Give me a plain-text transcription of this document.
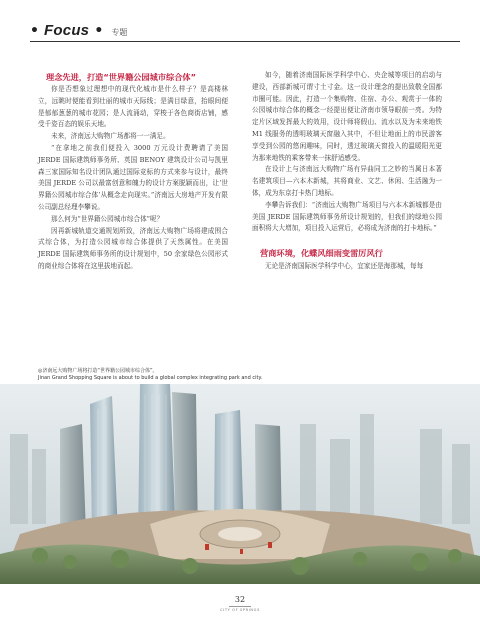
• Focus • 专题
理念先进，打造“世界籍公园城市综合体”

你是否想象过理想中的现代化城市是什么样子？是高楼林立，远眺时便能看到壮丽的城市天际线；是满目绿意，抬眼间便是郁郁葱葱的城市花园；是人流涌动，穿梭于各色商街店铺，感受千姿百态的娱乐天地。

未来，济南远大购物广场都将一一满足。

“在拿地之前我们便投入 3000 万元设计费聘请了美国 JERDE 国际建筑师事务所、英国 BENOY 建筑设计公司与凯里森三家国际知名设计团队通过国际竞标的方式来参与设计，最终美国 JERDE 公司以最富创意和魄力的设计方案脱颖而出，让‘世界籍公园城市综合体’从概念走向现实。”济南远大房地产开发有限公司副总经理李攀说。

那么何为“世界籍公园城市综合体”呢？

因再新城轨道交通规划所致，济南远大购物广场将建成围合式综合体，为打造公园城市综合体提供了天然属性。在美国 JERDE 国际建筑师事务所的设计规划中，50 余家绿色公园形式的商业综合体将在这里拔地而起。

如今，随着济南国际医学科学中心、央企城等项目的启动与建设，西部新城可谓寸土寸金。这一设计理念的提出致敬全国都市圈可能。因此，打造一个集购物、住宿、办公、观赏于一体的公园城市综合体的概念一经提出便让济南市领导眼前一亮。为特定片区域发挥最大的效用，设计师将假山、流水以及为未来地铁 M1 线服务的透明玻璃天窗融入其中，不但让地面上的市民游客享受到公园的悠闲趣味，同时，透过玻璃天窗投入的温暖阳光更为那来地铁的乘客带来一抹舒适感受。

在设计上与济南远大购物广场有异曲同工之妙的当属日本著名建筑项目—六本木新城，其将商业、文艺、休闲、生活融为一体，成为东京打卡热门地标。

李攀告诉我们：“济南远大购物广场项目与六本木新城都是由美国 JERDE 国际建筑师事务所设计规划的，但我们的绿地公园面积将大大增加，项目投入运营后，必将成为济南的打卡地标。”

营商环境，化蝶风细雨变雷厉风行

无论是济南国际医学科学中心，宜家还是海那城，每每

◎济南远大购物广场将打造“世界籍公园城市综合体”。
Jinan Grand Shopping Square is about to build a global complex integrating park and city.
32
CITY OF SPRINGS
